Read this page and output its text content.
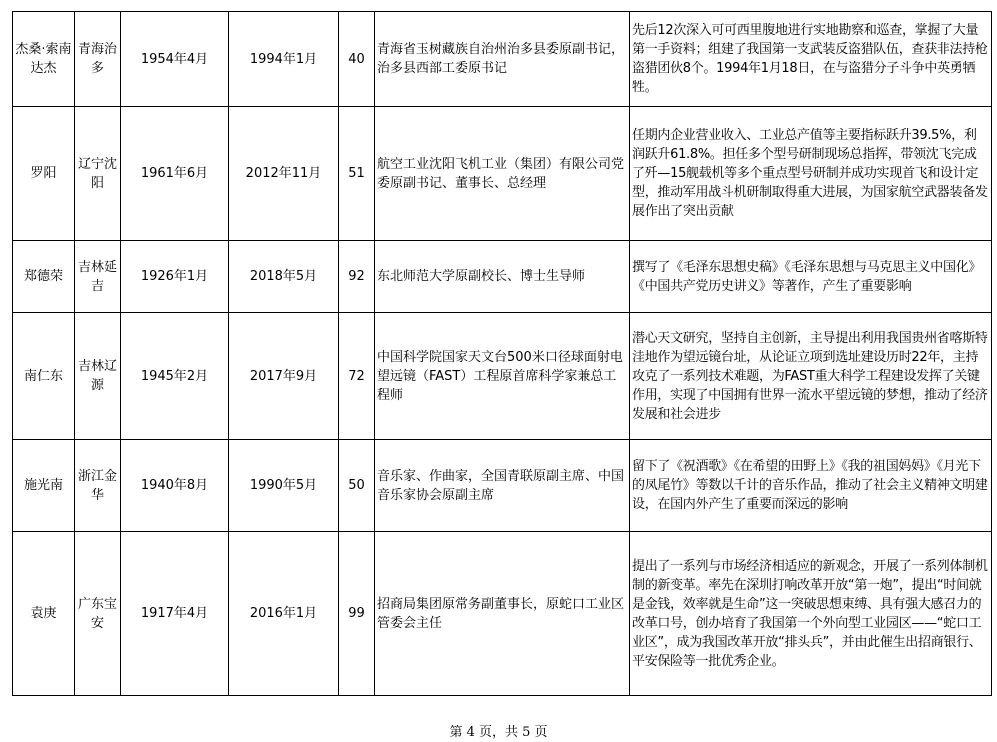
杰桑·索南达杰	青海治多	1954年4月	1994年1月	40	青海省玉树藏族自治州治多县委原副书记，治多县西部工委原书记	先后12次深入可可西里腹地进行实地勘察和巡查，掌握了大量第一手资料；组建了我国第一支武装反盗猎队伍，查获非法持枪盗猎团伙8个。1994年1月18日，在与盗猎分子斗争中英勇牺牲。
罗阳	辽宁沈阳	1961年6月	2012年11月	51	航空工业沈阳飞机工业（集团）有限公司党委原副书记、董事长、总经理	任期内企业营业收入、工业总产值等主要指标跃升39.5%，利润跃升61.8%。担任多个型号研制现场总指挥，带领沈飞完成了歼—15舰载机等多个重点型号研制并成功实现首飞和设计定型，推动军用战斗机研制取得重大进展，为国家航空武器装备发展作出了突出贡献
郑德荣	吉林延吉	1926年1月	2018年5月	92	东北师范大学原副校长、博士生导师	撰写了《毛泽东思想史稿》《毛泽东思想与马克思主义中国化》《中国共产党历史讲义》等著作，产生了重要影响
南仁东	吉林辽源	1945年2月	2017年9月	72	中国科学院国家天文台500米口径球面射电望远镜（FAST）工程原首席科学家兼总工程师	潜心天文研究，坚持自主创新，主导提出利用我国贵州省喀斯特洼地作为望远镜台址，从论证立项到选址建设历时22年，主持攻克了一系列技术难题，为FAST重大科学工程建设发挥了关键作用，实现了中国拥有世界一流水平望远镜的梦想，推动了经济发展和社会进步
施光南	浙江金华	1940年8月	1990年5月	50	音乐家、作曲家，全国青联原副主席、中国音乐家协会原副主席	留下了《祝酒歌》《在希望的田野上》《我的祖国妈妈》《月光下的凤尾竹》等数以千计的音乐作品，推动了社会主义精神文明建设，在国内外产生了重要而深远的影响
袁庚	广东宝安	1917年4月	2016年1月	99	招商局集团原常务副董事长，原蛇口工业区管委会主任	提出了一系列与市场经济相适应的新观念，开展了一系列体制机制的新变革。率先在深圳打响改革开放“第一炮”，提出“时间就是金钱，效率就是生命”这一突破思想束缚、具有强大感召力的改革口号，创办培育了我国第一个外向型工业园区——“蛇口工业区”，成为我国改革开放“排头兵”，并由此催生出招商银行、平安保险等一批优秀企业。
第 4 页，共 5 页
